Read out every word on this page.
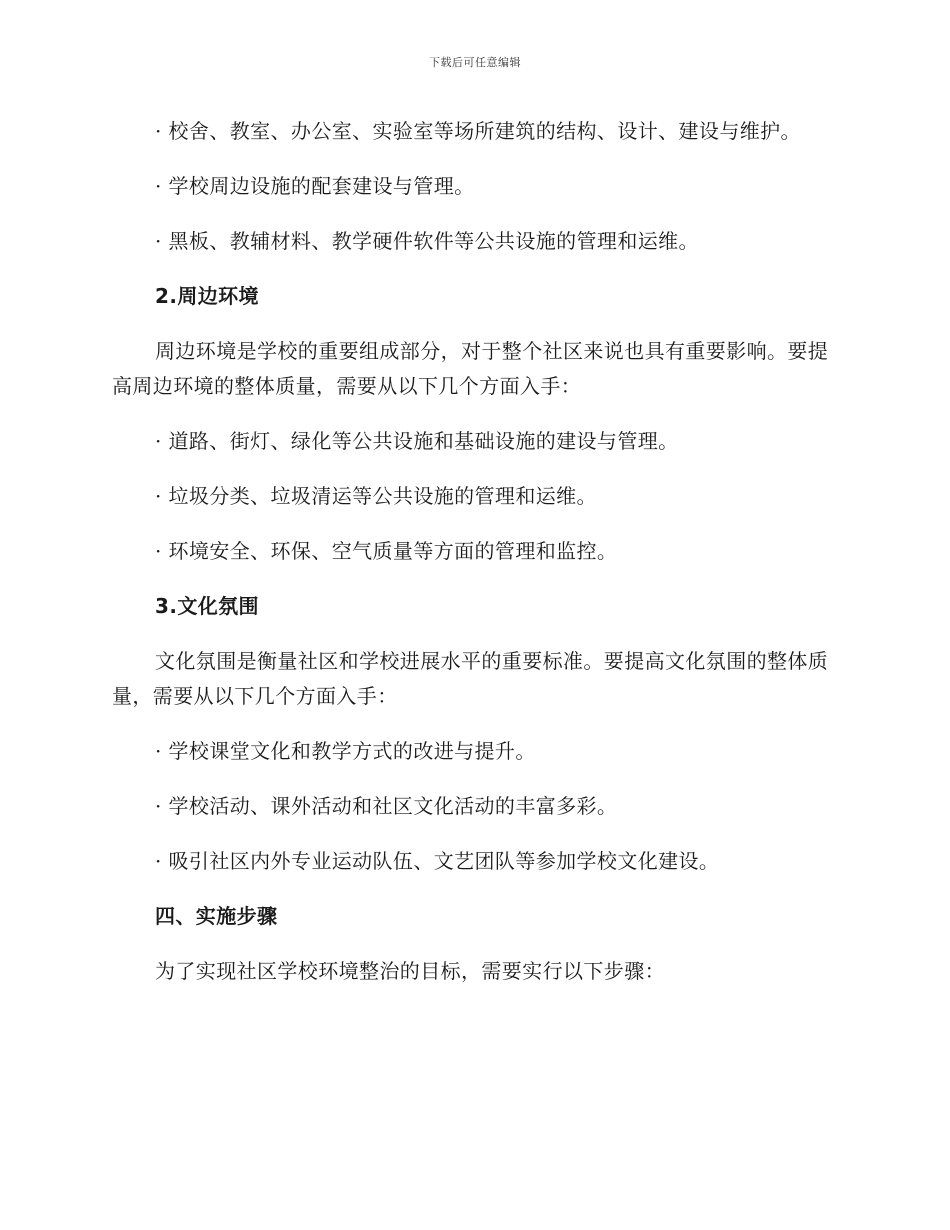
下载后可任意编辑

· 校舍、教室、办公室、实验室等场所建筑的结构、设计、建设与维护。

· 学校周边设施的配套建设与管理。

· 黑板、教辅材料、教学硬件软件等公共设施的管理和运维。

2.周边环境

周边环境是学校的重要组成部分，对于整个社区来说也具有重要影响。要提高周边环境的整体质量，需要从以下几个方面入手：

· 道路、街灯、绿化等公共设施和基础设施的建设与管理。

· 垃圾分类、垃圾清运等公共设施的管理和运维。

· 环境安全、环保、空气质量等方面的管理和监控。

3.文化氛围

文化氛围是衡量社区和学校进展水平的重要标准。要提高文化氛围的整体质量，需要从以下几个方面入手：

· 学校课堂文化和教学方式的改进与提升。

· 学校活动、课外活动和社区文化活动的丰富多彩。

· 吸引社区内外专业运动队伍、文艺团队等参加学校文化建设。

四、实施步骤

为了实现社区学校环境整治的目标，需要实行以下步骤：
